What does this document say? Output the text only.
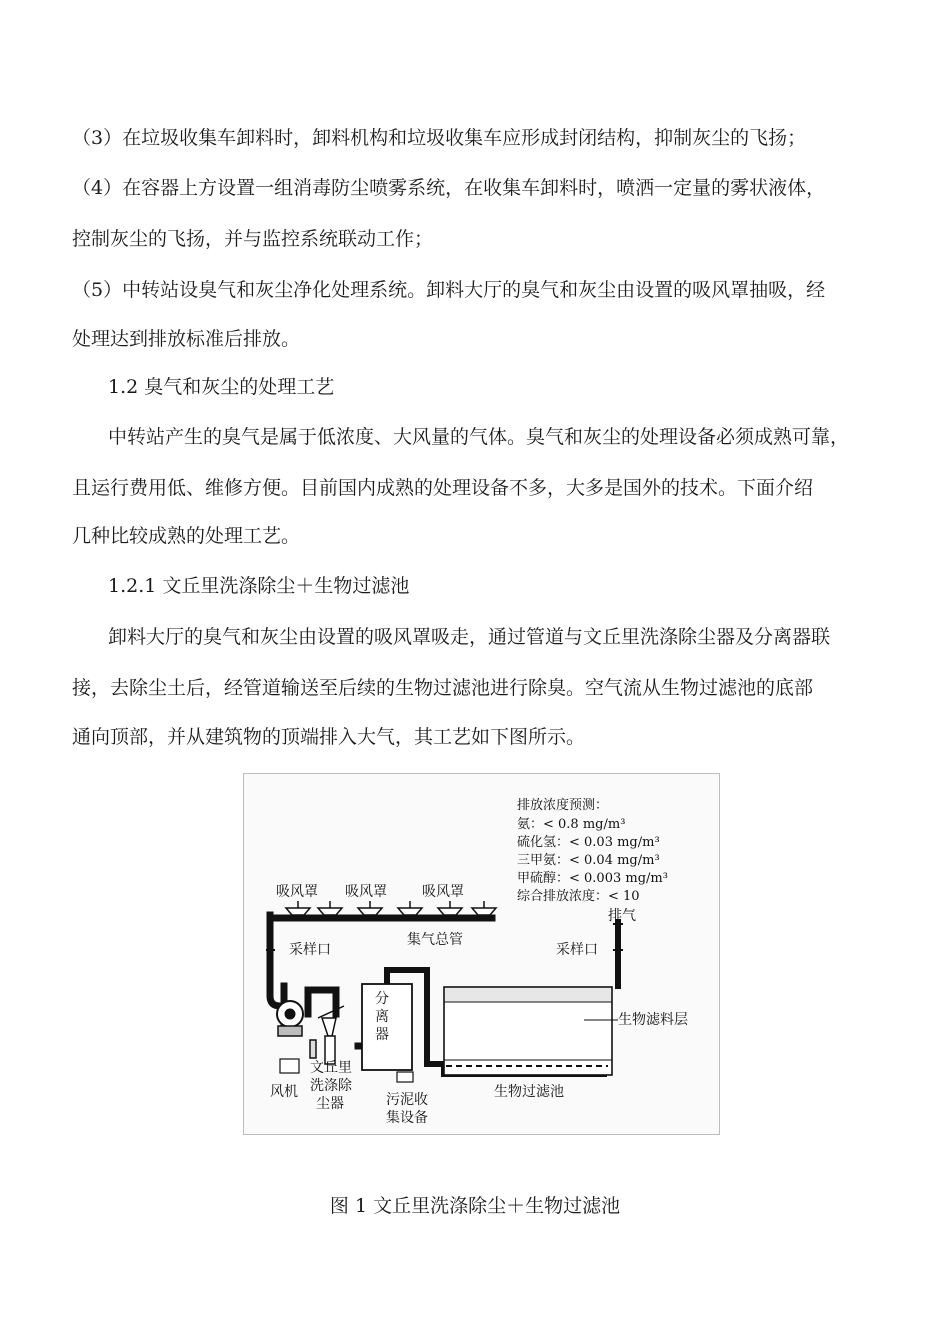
（3）在垃圾收集车卸料时，卸料机构和垃圾收集车应形成封闭结构，抑制灰尘的飞扬；
（4）在容器上方设置一组消毒防尘喷雾系统，在收集车卸料时，喷洒一定量的雾状液体，
控制灰尘的飞扬，并与监控系统联动工作；
（5）中转站设臭气和灰尘净化处理系统。卸料大厅的臭气和灰尘由设置的吸风罩抽吸，经
处理达到排放标准后排放。
1.2 臭气和灰尘的处理工艺
中转站产生的臭气是属于低浓度、大风量的气体。臭气和灰尘的处理设备必须成熟可靠，
且运行费用低、维修方便。目前国内成熟的处理设备不多，大多是国外的技术。下面介绍
几种比较成熟的处理工艺。
1.2.1 文丘里洗涤除尘＋生物过滤池
卸料大厅的臭气和灰尘由设置的吸风罩吸走，通过管道与文丘里洗涤除尘器及分离器联
接，去除尘土后，经管道输送至后续的生物过滤池进行除臭。空气流从生物过滤池的底部
通向顶部，并从建筑物的顶端排入大气，其工艺如下图所示。
排放浓度预测：
氨：< 0.8 mg/m³
硫化氢：< 0.03 mg/m³
三甲氨：< 0.04 mg/m³
甲硫醇：< 0.003 mg/m³
综合排放浓度：< 10
吸风罩 吸风罩	吸风罩
集气总管
采样口	采样口
排气
风机
文丘里
洗涤除
尘器
分
离
器
污泥收
集设备
生物滤料层
生物过滤池
图 1 文丘里洗涤除尘＋生物过滤池
